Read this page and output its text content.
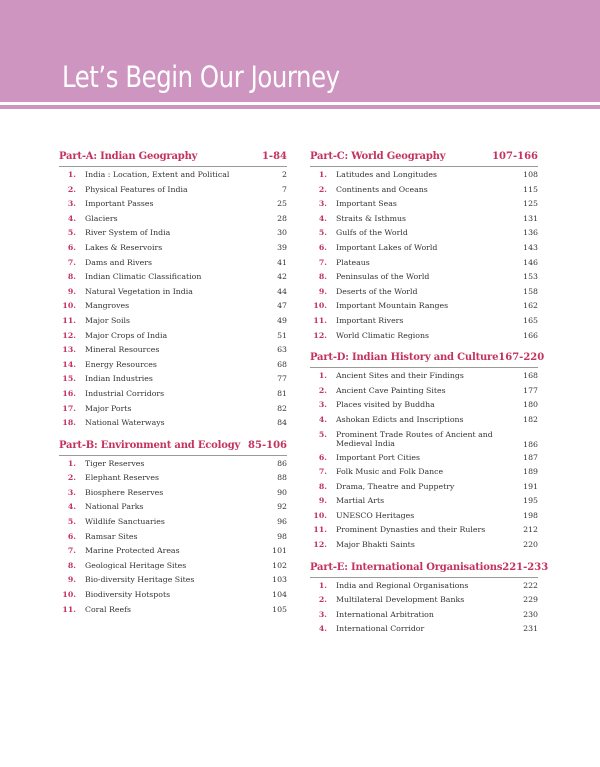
Let’s Begin Our Journey
Part-A: Indian Geography	1-84
1.	India : Location, Extent and Political	2
2.	Physical Features of India	7
3.	Important Passes	25
4.	Glaciers	28
5.	River System of India	30
6.	Lakes & Reservoirs	39
7.	Dams and Rivers	41
8.	Indian Climatic Classification	42
9.	Natural Vegetation in India	44
10.	Mangroves	47
11.	Major Soils	49
12.	Major Crops of India	51
13.	Mineral Resources	63
14.	Energy Resources	68
15.	Indian Industries	77
16.	Industrial Corridors	81
17.	Major Ports	82
18.	National Waterways	84
Part-B: Environment and Ecology 85-106
1.	Tiger Reserves	86
2.	Elephant Reserves	88
3.	Biosphere Reserves	90
4.	National Parks	92
5.	Wildlife Sanctuaries	96
6.	Ramsar Sites	98
7.	Marine Protected Areas	101
8.	Geological Heritage Sites	102
9.	Bio-diversity Heritage Sites	103
10.	Biodiversity Hotspots	104
11.	Coral Reefs	105
Part-C: World Geography	107-166
1.	Latitudes and Longitudes	108
2.	Continents and Oceans	115
3.	Important Seas	125
4.	Straits & Isthmus	131
5.	Gulfs of the World	136
6.	Important Lakes of World	143
7.	Plateaus	146
8.	Peninsulas of the World	153
9.	Deserts of the World	158
10.	Important Mountain Ranges	162
11.	Important Rivers	165
12.	World Climatic Regions	166
Part-D: Indian History and Culture 167-220
1.	Ancient Sites and their Findings	168
2.	Ancient Cave Painting Sites	177
3.	Places visited by Buddha	180
4.	Ashokan Edicts and Inscriptions	182
5.	Prominent Trade Routes of Ancient and Medieval India	186
6.	Important Port Cities	187
7.	Folk Music and Folk Dance	189
8.	Drama, Theatre and Puppetry	191
9.	Martial Arts	195
10.	UNESCO Heritages	198
11.	Prominent Dynasties and their Rulers	212
12.	Major Bhakti Saints	220
Part-E: International Organisations 221-233
1.	India and Regional Organisations	222
2.	Multilateral Development Banks	229
3.	International Arbitration	230
4.	International Corridor	231
